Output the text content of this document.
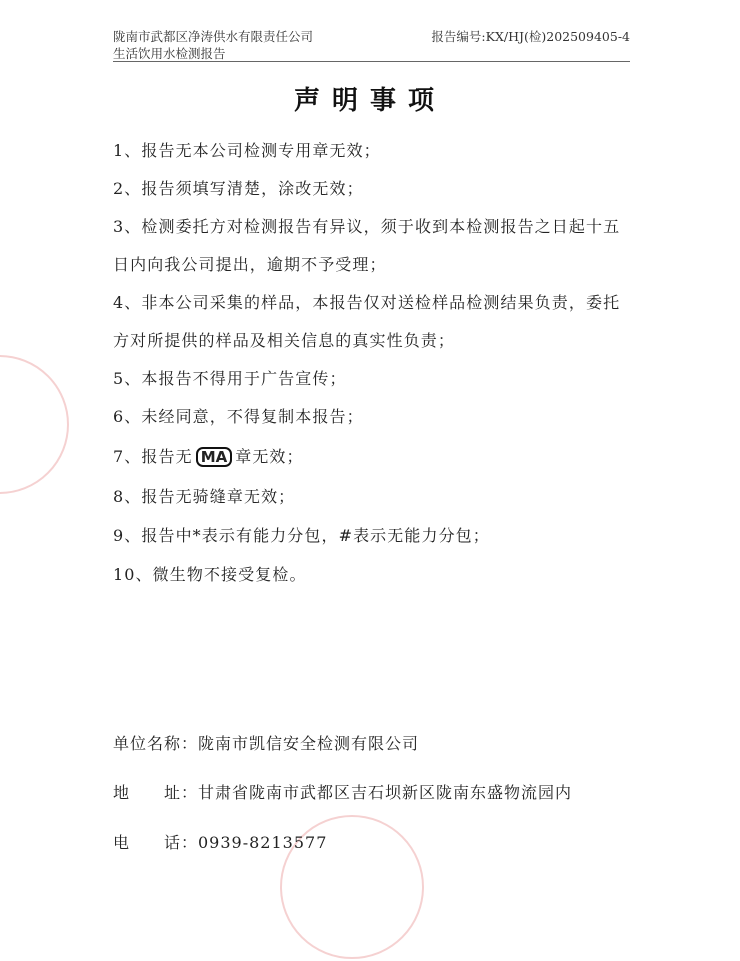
陇南市武都区净涛供水有限责任公司
生活饮用水检测报告
报告编号:KX/HJ(检)202509405-4
声明事项
1、报告无本公司检测专用章无效；
2、报告须填写清楚，涂改无效；
3、检测委托方对检测报告有异议，须于收到本检测报告之日起十五
日内向我公司提出，逾期不予受理；
4、非本公司采集的样品，本报告仅对送检样品检测结果负责，委托
方对所提供的样品及相关信息的真实性负责；
5、本报告不得用于广告宣传；
6、未经同意，不得复制本报告；
7、报告无 MA 章无效；
8、报告无骑缝章无效；
9、报告中*表示有能力分包，#表示无能力分包；
10、微生物不接受复检。
单位名称：陇南市凯信安全检测有限公司
地　　址：甘肃省陇南市武都区吉石坝新区陇南东盛物流园内
电　　话：0939-8213577
